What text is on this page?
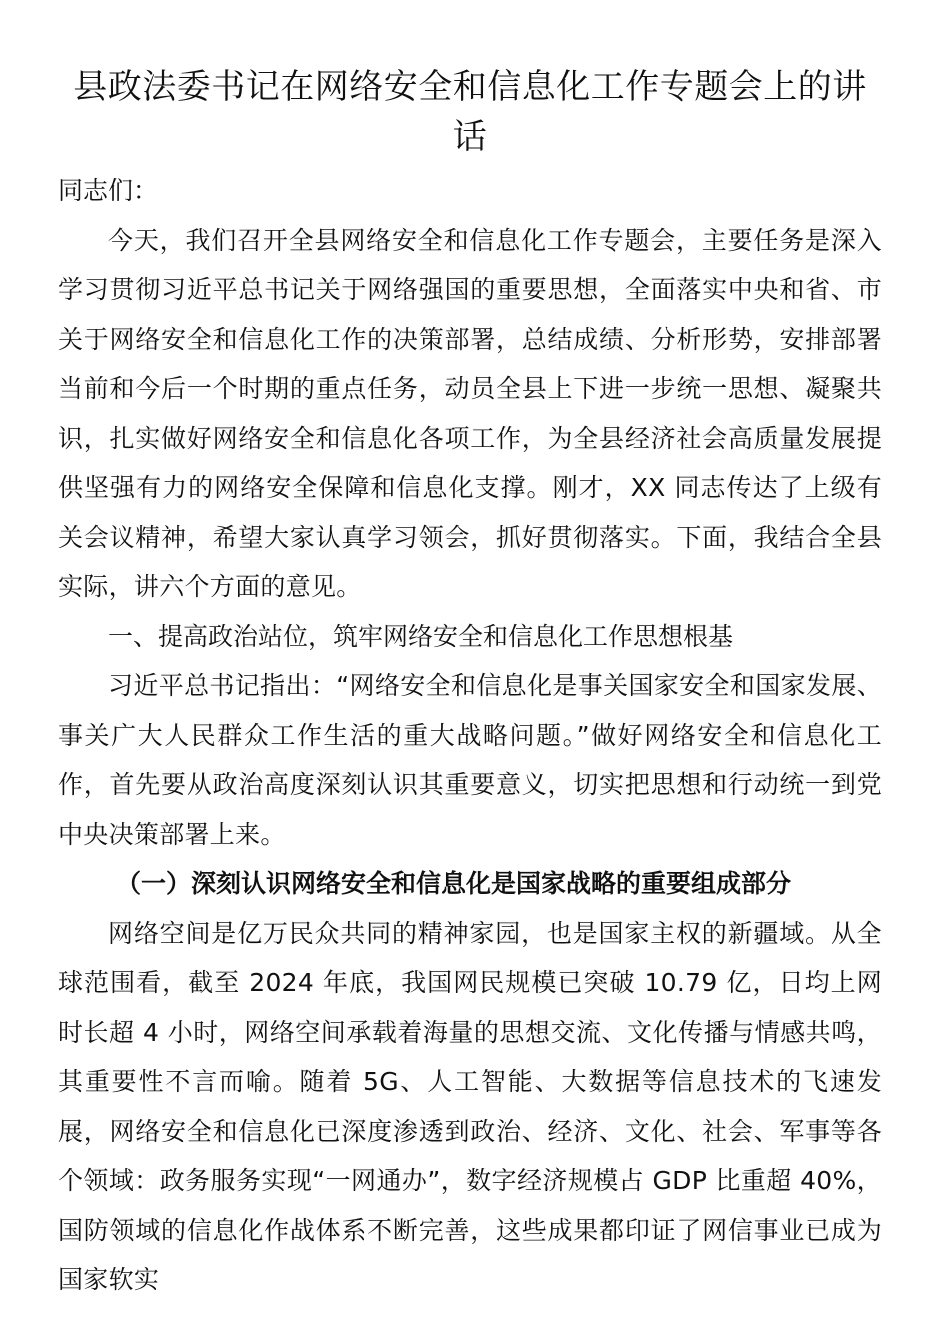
县政法委书记在网络安全和信息化工作专题会上的讲话

同志们：

今天，我们召开全县网络安全和信息化工作专题会，主要任务是深入学习贯彻习近平总书记关于网络强国的重要思想，全面落实中央和省、市关于网络安全和信息化工作的决策部署，总结成绩、分析形势，安排部署当前和今后一个时期的重点任务，动员全县上下进一步统一思想、凝聚共识，扎实做好网络安全和信息化各项工作，为全县经济社会高质量发展提供坚强有力的网络安全保障和信息化支撑。刚才，XX 同志传达了上级有关会议精神，希望大家认真学习领会，抓好贯彻落实。下面，我结合全县实际，讲六个方面的意见。

一、提高政治站位，筑牢网络安全和信息化工作思想根基

习近平总书记指出：“网络安全和信息化是事关国家安全和国家发展、事关广大人民群众工作生活的重大战略问题。”做好网络安全和信息化工作，首先要从政治高度深刻认识其重要意义，切实把思想和行动统一到党中央决策部署上来。

（一）深刻认识网络安全和信息化是国家战略的重要组成部分

网络空间是亿万民众共同的精神家园，也是国家主权的新疆域。从全球范围看，截至 2024 年底，我国网民规模已突破 10.79 亿，日均上网时长超 4 小时，网络空间承载着海量的思想交流、文化传播与情感共鸣，其重要性不言而喻。随着 5G、人工智能、大数据等信息技术的飞速发展，网络安全和信息化已深度渗透到政治、经济、文化、社会、军事等各个领域：政务服务实现“一网通办”，数字经济规模占 GDP 比重超 40%，国防领域的信息化作战体系不断完善，这些成果都印证了网信事业已成为国家软实
